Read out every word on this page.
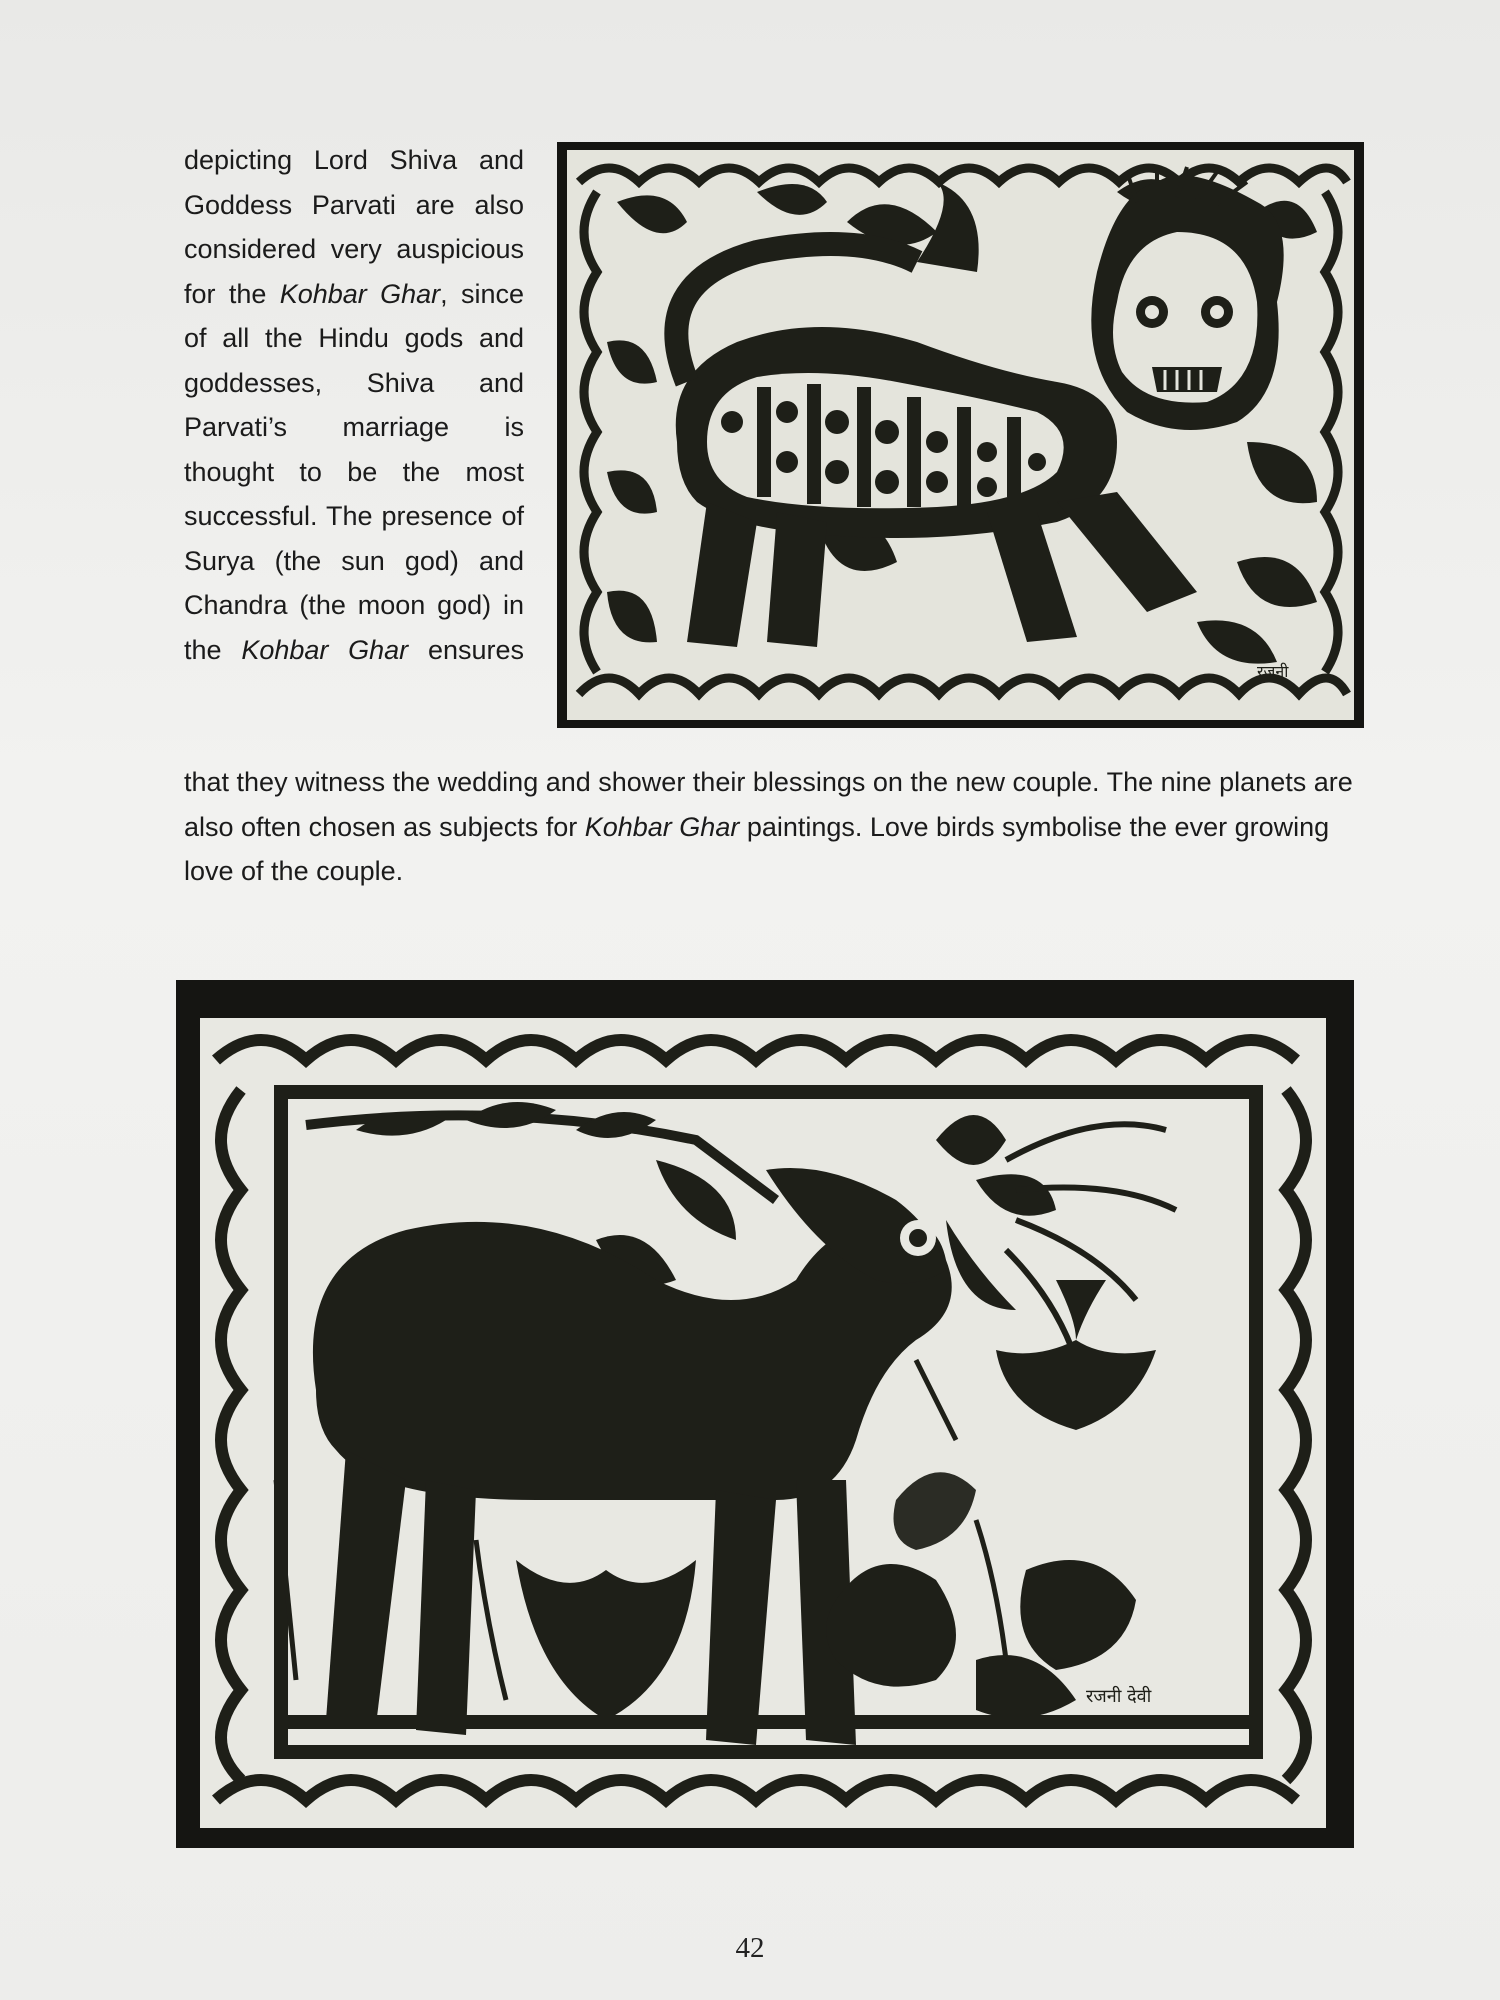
depicting Lord Shiva and Goddess Parvati are also considered very auspicious for the Kohbar Ghar, since of all the Hindu gods and goddesses, Shiva and Parvati’s marriage is thought to be the most successful. The presence of Surya (the sun god) and Chandra (the moon god) in the Kohbar Ghar ensures

that they witness the wedding and shower their blessings on the new couple. The nine planets are also often chosen as subjects for Kohbar Ghar paintings. Love birds symbolise the ever growing love of the couple.

रजनी
रजनी देवी
42
